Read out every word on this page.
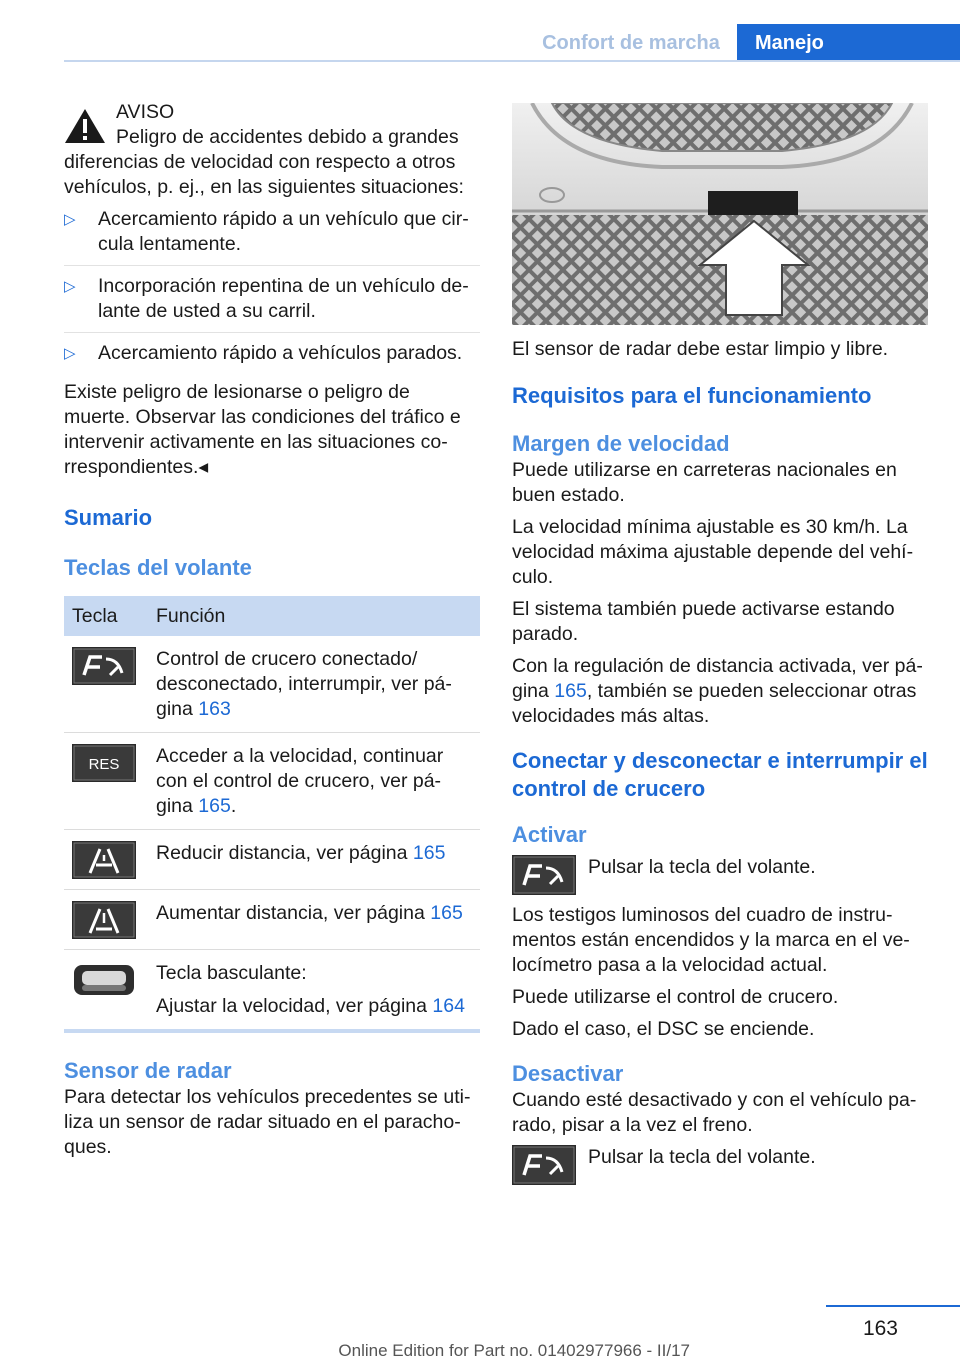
Confort de marcha	Manejo

AVISO

Peligro de accidentes debido a grandes diferencias de velocidad con respecto a otros vehículos, p. ej., en las siguientes situaciones:

▷ Acercamiento rápido a un vehículo que cir-cula lentamente.
▷ Incorporación repentina de un vehículo de-lante de usted a su carril.
▷ Acercamiento rápido a vehículos parados.

Existe peligro de lesionarse o peligro de muerte. Observar las condiciones del tráfico e intervenir activamente en las situaciones co-rrespondientes.◂

Sumario
Teclas del volante
Tecla	Función

	Control de crucero conectado/ desconectado, interrumpir, ver pá-gina 163

RES	Acceder a la velocidad, continuar con el control de crucero, ver pá-gina 165.

	Reducir distancia, ver página 165

	Aumentar distancia, ver página 165

Tecla basculante:

Ajustar la velocidad, ver página 164
Sensor de radar

Para detectar los vehículos precedentes se uti-liza un sensor de radar situado en el paracho-ques.

El sensor de radar debe estar limpio y libre.

Requisitos para el funcionamiento
Margen de velocidad

Puede utilizarse en carreteras nacionales en buen estado.

La velocidad mínima ajustable es 30 km/h. La velocidad máxima ajustable depende del vehí-culo.

El sistema también puede activarse estando parado.

Con la regulación de distancia activada, ver pá-gina 165, también se pueden seleccionar otras velocidades más altas.

Conectar y desconectar e interrumpir el control de crucero
Activar
Pulsar la tecla del volante.

Los testigos luminosos del cuadro de instru-mentos están encendidos y la marca en el ve-locímetro pasa a la velocidad actual.

Puede utilizarse el control de crucero.

Dado el caso, el DSC se enciende.

Desactivar

Cuando esté desactivado y con el vehículo pa-rado, pisar a la vez el freno.

Pulsar la tecla del volante.
163
Online Edition for Part no. 01402977966 - II/17
